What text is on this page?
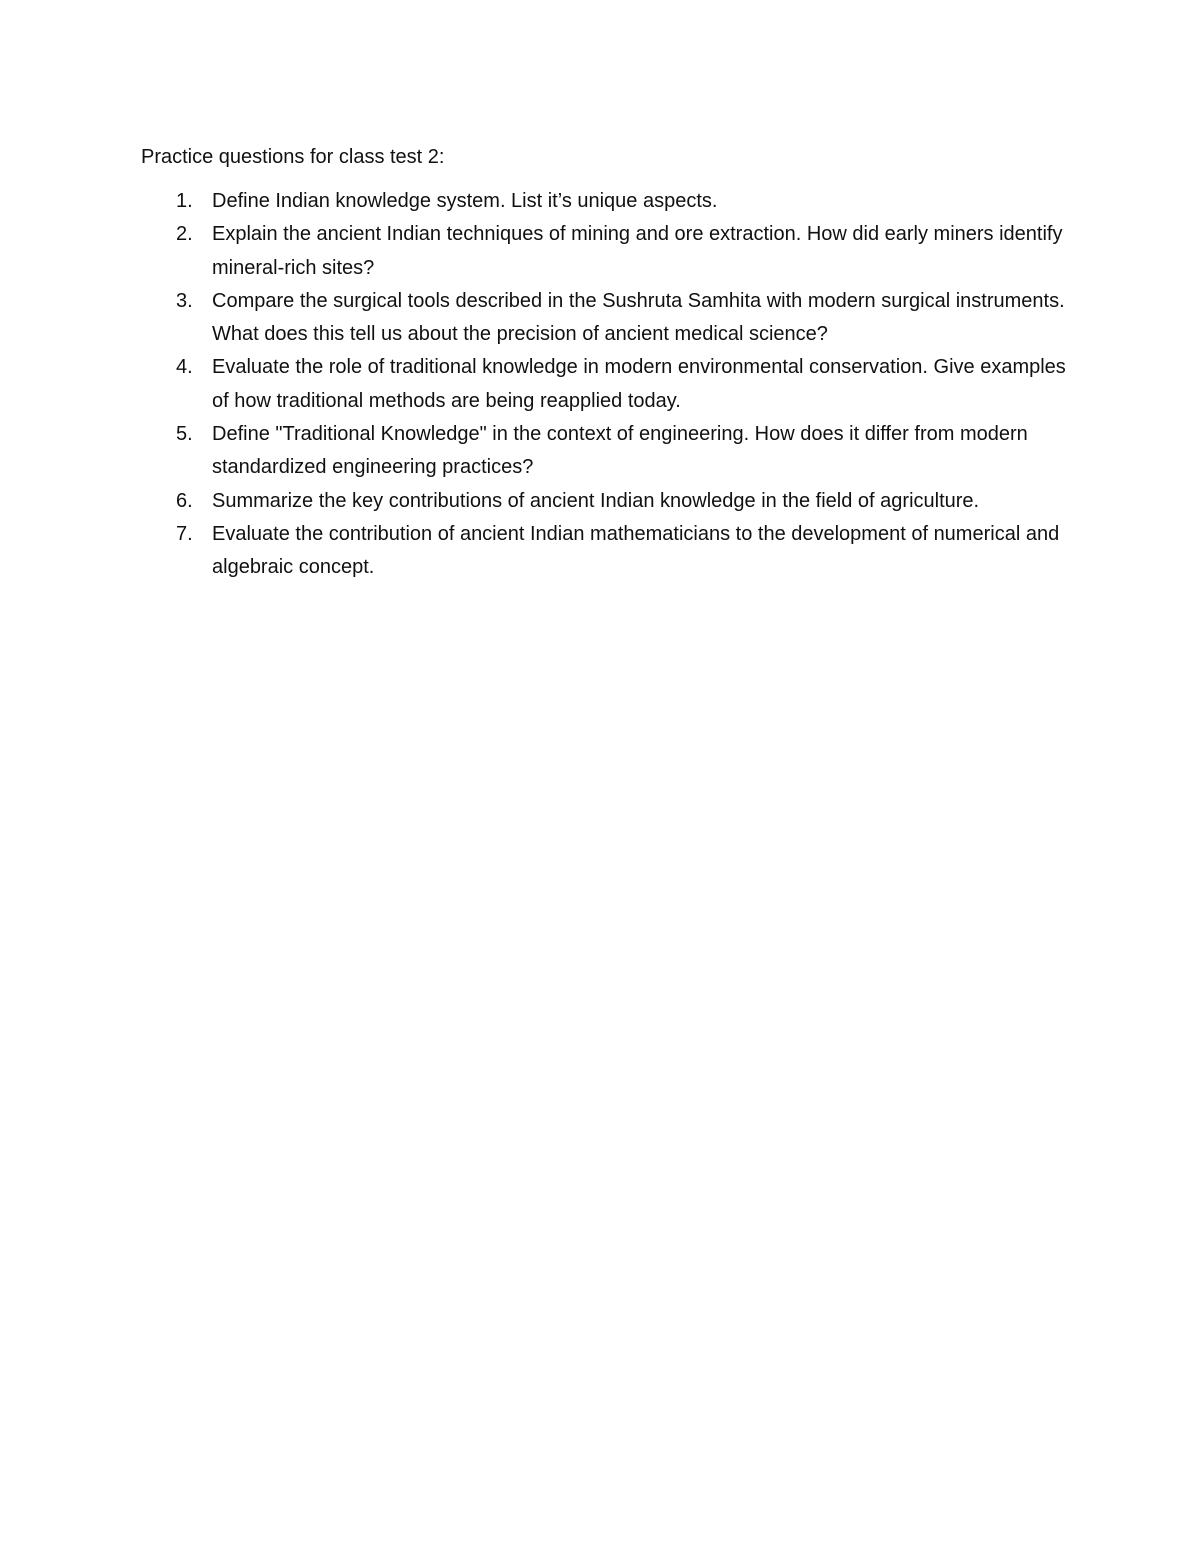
Practice questions for class test 2:

1. Define Indian knowledge system. List it’s unique aspects.
2. Explain the ancient Indian techniques of mining and ore extraction. How did early miners identify mineral-rich sites?
3. Compare the surgical tools described in the Sushruta Samhita with modern surgical instruments. What does this tell us about the precision of ancient medical science?
4. Evaluate the role of traditional knowledge in modern environmental conservation. Give examples of how traditional methods are being reapplied today.
5. Define "Traditional Knowledge" in the context of engineering. How does it differ from modern standardized engineering practices?
6. Summarize the key contributions of ancient Indian knowledge in the field of agriculture.
7. Evaluate the contribution of ancient Indian mathematicians to the development of numerical and algebraic concept.
